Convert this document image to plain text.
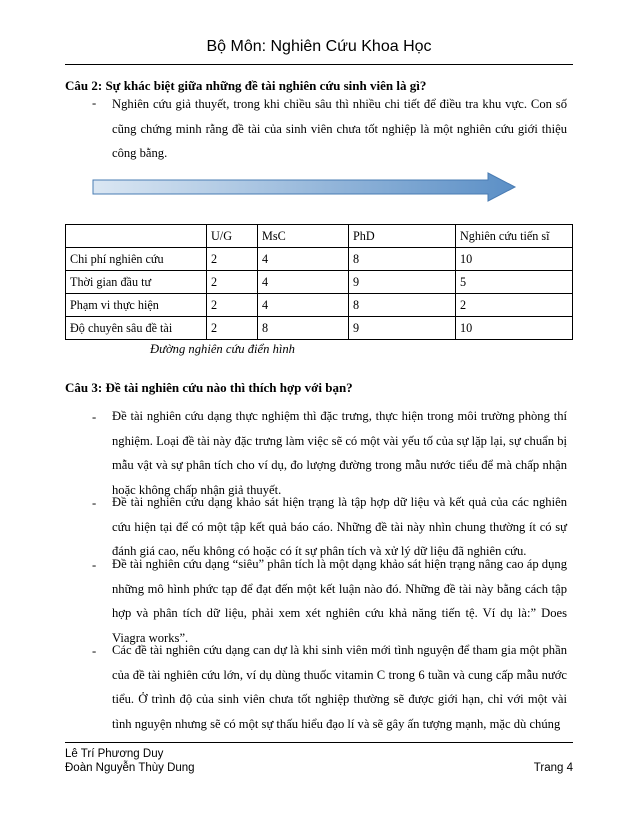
Bộ Môn: Nghiên Cứu Khoa Học
Câu 2: Sự khác biệt giữa những đề tài nghiên cứu sinh viên là gì?
- Nghiên cứu giả thuyết, trong khi chiều sâu thì nhiều chi tiết để điều tra khu vực. Con số cũng chứng minh rằng đề tài của sinh viên chưa tốt nghiệp là một nghiên cứu giới thiệu công bằng.
	U/G	MsC	PhD	Nghiên cứu tiến sĩ
Chi phí nghiên cứu	2	4	8	10
Thời gian đầu tư	2	4	9	5
Phạm vi thực hiện	2	4	8	2
Độ chuyên sâu đề tài	2	8	9	10
Đường nghiên cứu điển hình
Câu 3: Đề tài nghiên cứu nào thì thích hợp với bạn?
- Đề tài nghiên cứu dạng thực nghiệm thì đặc trưng, thực hiện trong môi trường phòng thí nghiệm. Loại đề tài này đặc trưng làm việc sẽ có một vài yếu tố của sự lặp lại, sự chuẩn bị mẫu vật và sự phân tích cho ví dụ, đo lượng đường trong mẫu nước tiểu để mà chấp nhận hoặc không chấp nhận giả thuyết.
- Đề tài nghiên cứu dạng khảo sát hiện trạng là tập hợp dữ liệu và kết quả của các nghiên cứu hiện tại để có một tập kết quả báo cáo. Những đề tài này nhìn chung thường ít có sự đánh giá cao, nếu không có hoặc có ít sự phân tích và xử lý dữ liệu đã nghiên cứu.
- Đề tài nghiên cứu dạng “siêu” phân tích là một dạng khảo sát hiện trạng nâng cao áp dụng những mô hình phức tạp để đạt đến một kết luận nào đó. Những đề tài này bằng cách tập hợp và phân tích dữ liệu, phải xem xét nghiên cứu khả năng tiến tệ. Ví dụ là:” Does Viagra works”.
- Các đề tài nghiên cứu dạng can dự là khi sinh viên mới tình nguyện để tham gia một phần của đề tài nghiên cứu lớn, ví dụ dùng thuốc vitamin C trong 6 tuần và cung cấp mẫu nước tiểu. Ở trình độ của sinh viên chưa tốt nghiệp thường sẽ được giới hạn, chỉ với một vài tình nguyện nhưng sẽ có một sự thấu hiểu đạo lí và sẽ gây ấn tượng mạnh, mặc dù chúng
Lê Trí Phương Duy
Đoàn Nguyễn Thùy Dung	Trang 4
